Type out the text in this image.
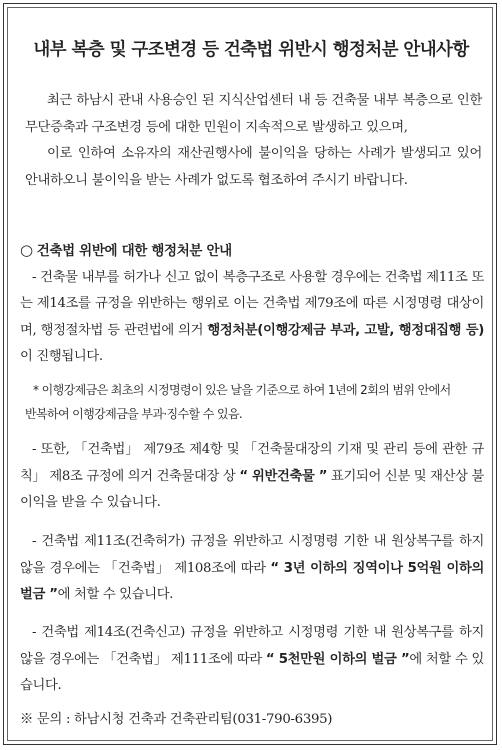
내부 복층 및 구조변경 등 건축법 위반시 행정처분 안내사항

최근 하남시 관내 사용승인 된 지식산업센터 내 등 건축물 내부 복층으로 인한 무단증축과 구조변경 등에 대한 민원이 지속적으로 발생하고 있으며,

이로 인하여 소유자의 재산권행사에 불이익을 당하는 사례가 발생되고 있어 안내하오니 불이익을 받는 사례가 없도록 협조하여 주시기 바랍니다.

○ 건축법 위반에 대한 행정처분 안내

- 건축물 내부를 허가나 신고 없이 복층구조로 사용할 경우에는 건축법 제11조 또는 제14조를 규정을 위반하는 행위로 이는 건축법 제79조에 따른 시정명령 대상이며, 행정절차법 등 관련법에 의거 행정처분(이행강제금 부과, 고발, 행정대집행 등)이 진행됩니다.

* 이행강제금은 최초의 시정명령이 있은 날을 기준으로 하여 1년에 2회의 범위 안에서

반복하여 이행강제금을 부과·징수할 수 있음.

- 또한, 「건축법」 제79조 제4항 및 「건축물대장의 기재 및 관리 등에 관한 규칙」 제8조 규정에 의거 건축물대장 상 “ 위반건축물 ” 표기되어 신분 및 재산상 불이익을 받을 수 있습니다.

- 건축법 제11조(건축허가) 규정을 위반하고 시정명령 기한 내 원상복구를 하지 않을 경우에는 「건축법」 제108조에 따라 “ 3년 이하의 징역이나 5억원 이하의 벌금 ”에 처할 수 있습니다.

- 건축법 제14조(건축신고) 규정을 위반하고 시정명령 기한 내 원상복구를 하지 않을 경우에는 「건축법」 제111조에 따라 “ 5천만원 이하의 벌금 ”에 처할 수 있습니다.

※ 문의 : 하남시청 건축과 건축관리팀(031-790-6395)
